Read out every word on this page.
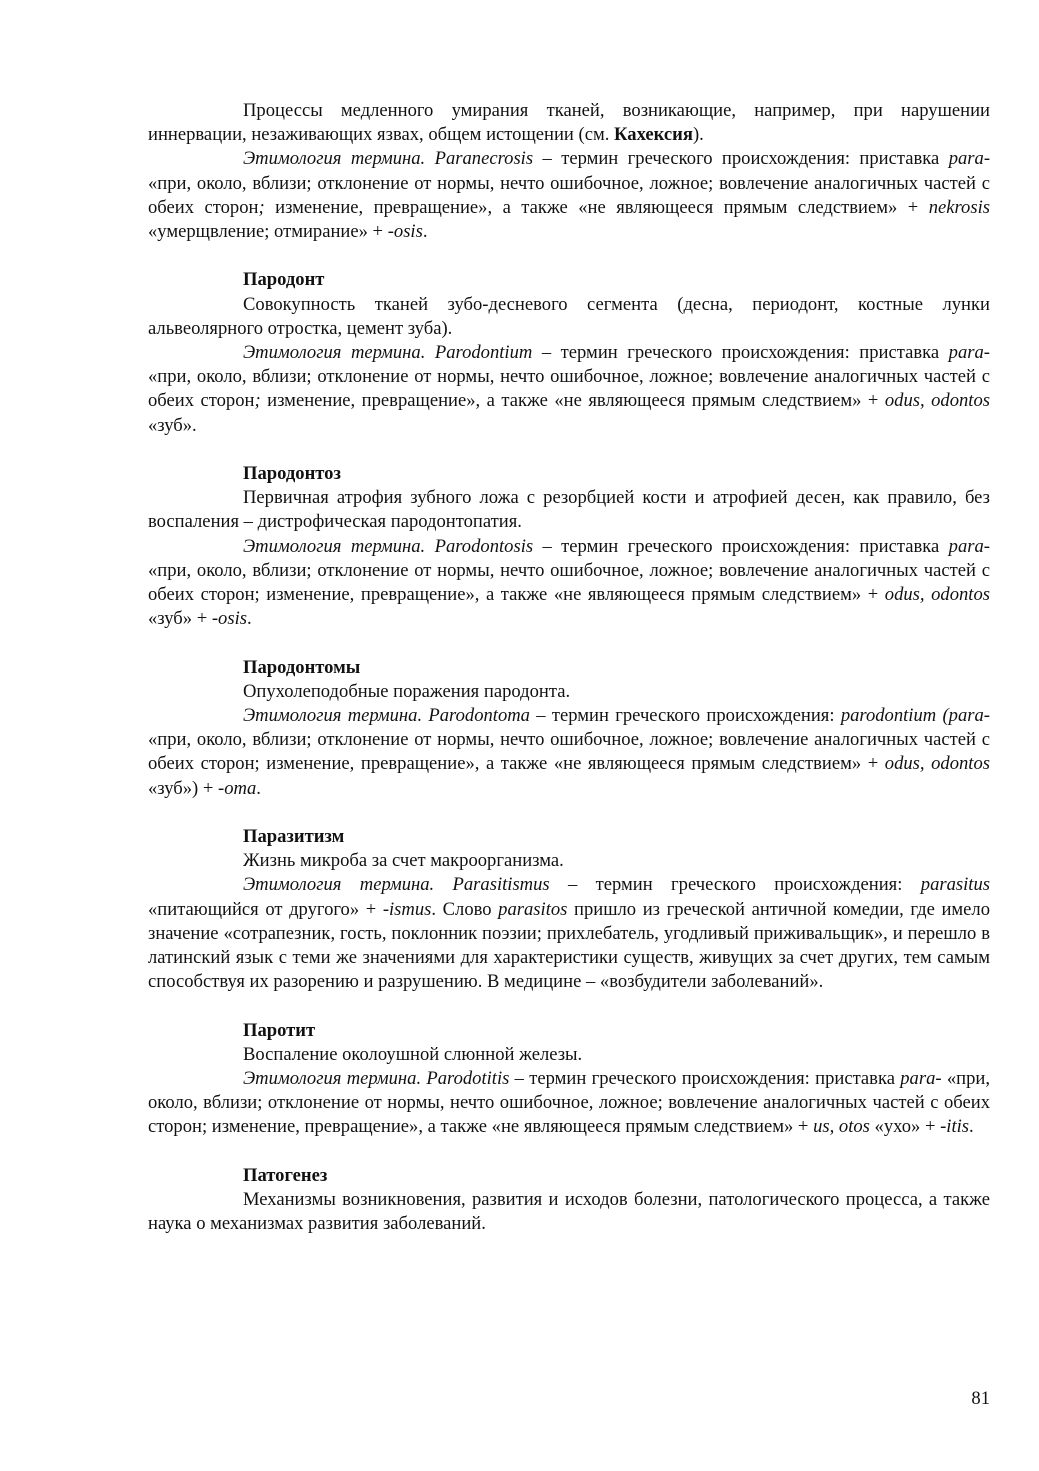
Процессы медленного умирания тканей, возникающие, например, при нарушении иннервации, незаживающих язвах, общем истощении (см. Кахексия).

Этимология термина. Paranecrosis – термин греческого происхождения: приставка para- «при, около, вблизи; отклонение от нормы, нечто ошибочное, ложное; вовлечение аналогичных частей с обеих сторон; изменение, превращение», а также «не являющееся прямым следствием» + nekrosis «умерщвление; отмирание» + -osis.

Пародонт

Совокупность тканей зубо-десневого сегмента (десна, периодонт, костные лунки альвеолярного отростка, цемент зуба).

Этимология термина. Parodontium – термин греческого происхождения: приставка para- «при, около, вблизи; отклонение от нормы, нечто ошибочное, ложное; вовлечение аналогичных частей с обеих сторон; изменение, превращение», а также «не являющееся прямым следствием» + odus, odontos «зуб».

Пародонтоз

Первичная атрофия зубного ложа с резорбцией кости и атрофией десен, как правило, без воспаления – дистрофическая пародонтопатия.

Этимология термина. Parodontosis – термин греческого происхождения: приставка para- «при, около, вблизи; отклонение от нормы, нечто ошибочное, ложное; вовлечение аналогичных частей с обеих сторон; изменение, превращение», а также «не являющееся прямым следствием» + odus, odontos «зуб» + -osis.

Пародонтомы

Опухолеподобные поражения пародонта.

Этимология термина. Parodontoma – термин греческого происхождения: parodontium (para- «при, около, вблизи; отклонение от нормы, нечто ошибочное, ложное; вовлечение аналогичных частей с обеих сторон; изменение, превращение», а также «не являющееся прямым следствием» + odus, odontos «зуб») + -oma.

Паразитизм

Жизнь микроба за счет макроорганизма.

Этимология термина. Parasitismus – термин греческого происхождения: parasitus «питающийся от другого» + -ismus. Слово parasitos пришло из греческой античной комедии, где имело значение «сотрапезник, гость, поклонник поэзии; прихлебатель, угодливый приживальщик», и перешло в латинский язык с теми же значениями для характеристики существ, живущих за счет других, тем самым способствуя их разорению и разрушению. В медицине – «возбудители заболеваний».

Паротит

Воспаление околоушной слюнной железы.

Этимология термина. Parodotitis – термин греческого происхождения: приставка para- «при, около, вблизи; отклонение от нормы, нечто ошибочное, ложное; вовлечение аналогичных частей с обеих сторон; изменение, превращение», а также «не являющееся прямым следствием» + us, otos «ухо» + -itis.

Патогенез

Механизмы возникновения, развития и исходов болезни, патологического процесса, а также наука о механизмах развития заболеваний.

81
